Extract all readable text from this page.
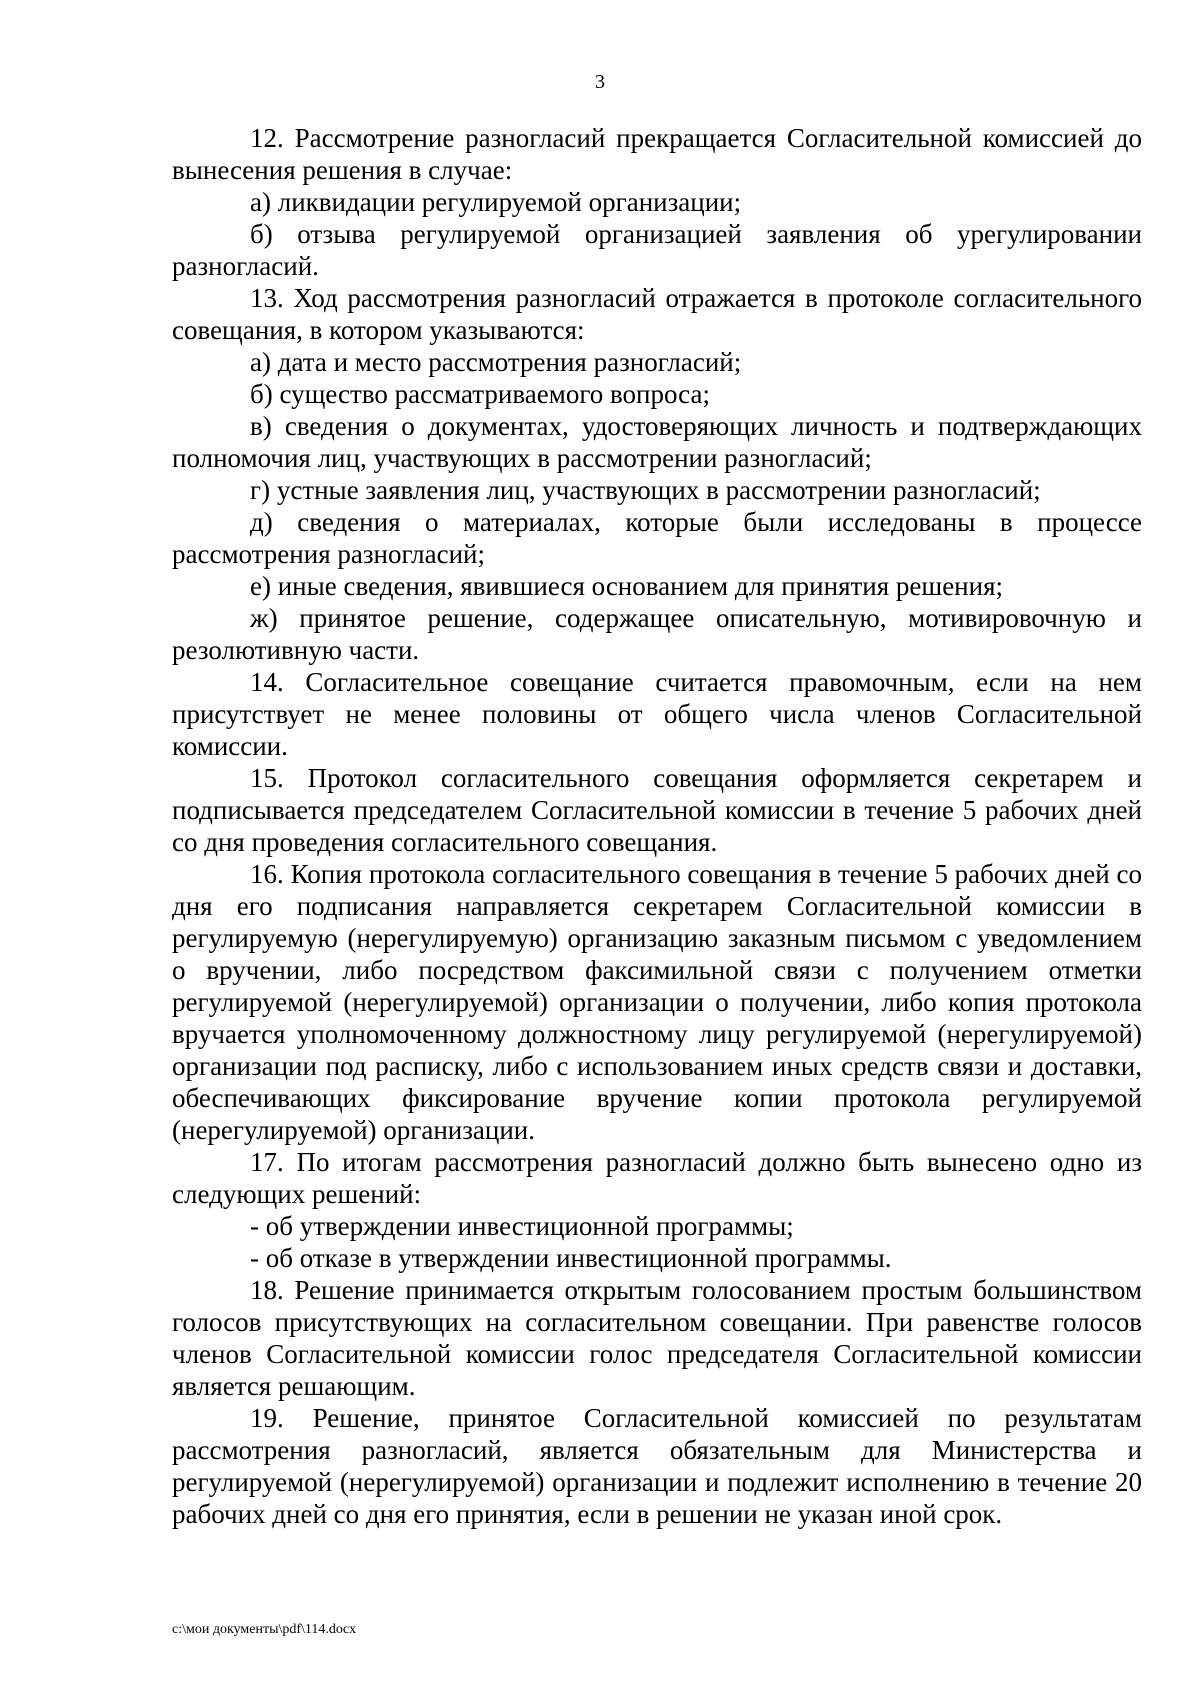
3

12. Рассмотрение разногласий прекращается Согласительной комиссией до вынесения решения в случае:

а) ликвидации регулируемой организации;

б) отзыва регулируемой организацией заявления об урегулировании разногласий.

13. Ход рассмотрения разногласий отражается в протоколе согласительного совещания, в котором указываются:

а) дата и место рассмотрения разногласий;

б) существо рассматриваемого вопроса;

в) сведения о документах, удостоверяющих личность и подтверждающих полномочия лиц, участвующих в рассмотрении разногласий;

г) устные заявления лиц, участвующих в рассмотрении разногласий;

д) сведения о материалах, которые были исследованы в процессе рассмотрения разногласий;

е) иные сведения, явившиеся основанием для принятия решения;

ж) принятое решение, содержащее описательную, мотивировочную и резолютивную части.

14. Согласительное совещание считается правомочным, если на нем присутствует не менее половины от общего числа членов Согласительной комиссии.

15. Протокол согласительного совещания оформляется секретарем и подписывается председателем Согласительной комиссии в течение 5 рабочих дней со дня проведения согласительного совещания.

16. Копия протокола согласительного совещания в течение 5 рабочих дней со дня его подписания направляется секретарем Согласительной комиссии в регулируемую (нерегулируемую) организацию заказным письмом с уведомлением о вручении, либо посредством факсимильной связи с получением отметки регулируемой (нерегулируемой) организации о получении, либо копия протокола вручается уполномоченному должностному лицу регулируемой (нерегулируемой) организации под расписку, либо с использованием иных средств связи и доставки, обеспечивающих фиксирование вручение копии протокола регулируемой (нерегулируемой) организации.

17. По итогам рассмотрения разногласий должно быть вынесено одно из следующих решений:

- об утверждении инвестиционной программы;

- об отказе в утверждении инвестиционной программы.

18. Решение принимается открытым голосованием простым большинством голосов присутствующих на согласительном совещании. При равенстве голосов членов Согласительной комиссии голос председателя Согласительной комиссии является решающим.

19. Решение, принятое Согласительной комиссией по результатам рассмотрения разногласий, является обязательным для Министерства и регулируемой (нерегулируемой) организации и подлежит исполнению в течение 20 рабочих дней со дня его принятия, если в решении не указан иной срок.

c:\мои документы\pdf\114.docx
